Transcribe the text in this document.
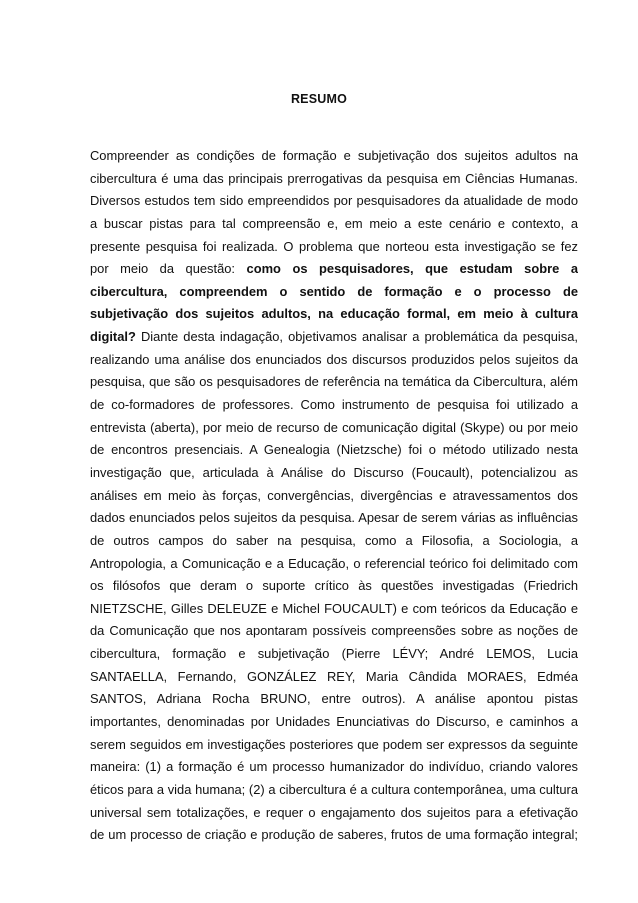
RESUMO
Compreender as condições de formação e subjetivação dos sujeitos adultos na
cibercultura é uma das principais prerrogativas da pesquisa em Ciências Humanas.
Diversos estudos tem sido empreendidos por pesquisadores da atualidade de modo
a buscar pistas para tal compreensão e, em meio a este cenário e contexto, a
presente pesquisa foi realizada. O problema que norteou esta investigação se fez
por meio da questão: como os pesquisadores, que estudam sobre a
cibercultura, compreendem o sentido de formação e o processo de
subjetivação dos sujeitos adultos, na educação formal, em meio à cultura
digital? Diante desta indagação, objetivamos analisar a problemática da pesquisa,
realizando uma análise dos enunciados dos discursos produzidos pelos sujeitos da
pesquisa, que são os pesquisadores de referência na temática da Cibercultura, além
de co-formadores de professores. Como instrumento de pesquisa foi utilizado a
entrevista (aberta), por meio de recurso de comunicação digital (Skype) ou por meio
de encontros presenciais. A Genealogia (Nietzsche) foi o método utilizado nesta
investigação que, articulada à Análise do Discurso (Foucault), potencializou as
análises em meio às forças, convergências, divergências e atravessamentos dos
dados enunciados pelos sujeitos da pesquisa. Apesar de serem várias as influências
de outros campos do saber na pesquisa, como a Filosofia, a Sociologia, a
Antropologia, a Comunicação e a Educação, o referencial teórico foi delimitado com
os filósofos que deram o suporte crítico às questões investigadas (Friedrich
NIETZSCHE, Gilles DELEUZE e Michel FOUCAULT) e com teóricos da Educação e
da Comunicação que nos apontaram possíveis compreensões sobre as noções de
cibercultura, formação e subjetivação (Pierre LÉVY; André LEMOS, Lucia
SANTAELLA, Fernando, GONZÁLEZ REY, Maria Cândida MORAES, Edméa
SANTOS, Adriana Rocha BRUNO, entre outros). A análise apontou pistas
importantes, denominadas por Unidades Enunciativas do Discurso, e caminhos a
serem seguidos em investigações posteriores que podem ser expressos da seguinte
maneira: (1) a formação é um processo humanizador do indivíduo, criando valores
éticos para a vida humana; (2) a cibercultura é a cultura contemporânea, uma cultura
universal sem totalizações, e requer o engajamento dos sujeitos para a efetivação
de um processo de criação e produção de saberes, frutos de uma formação integral;
